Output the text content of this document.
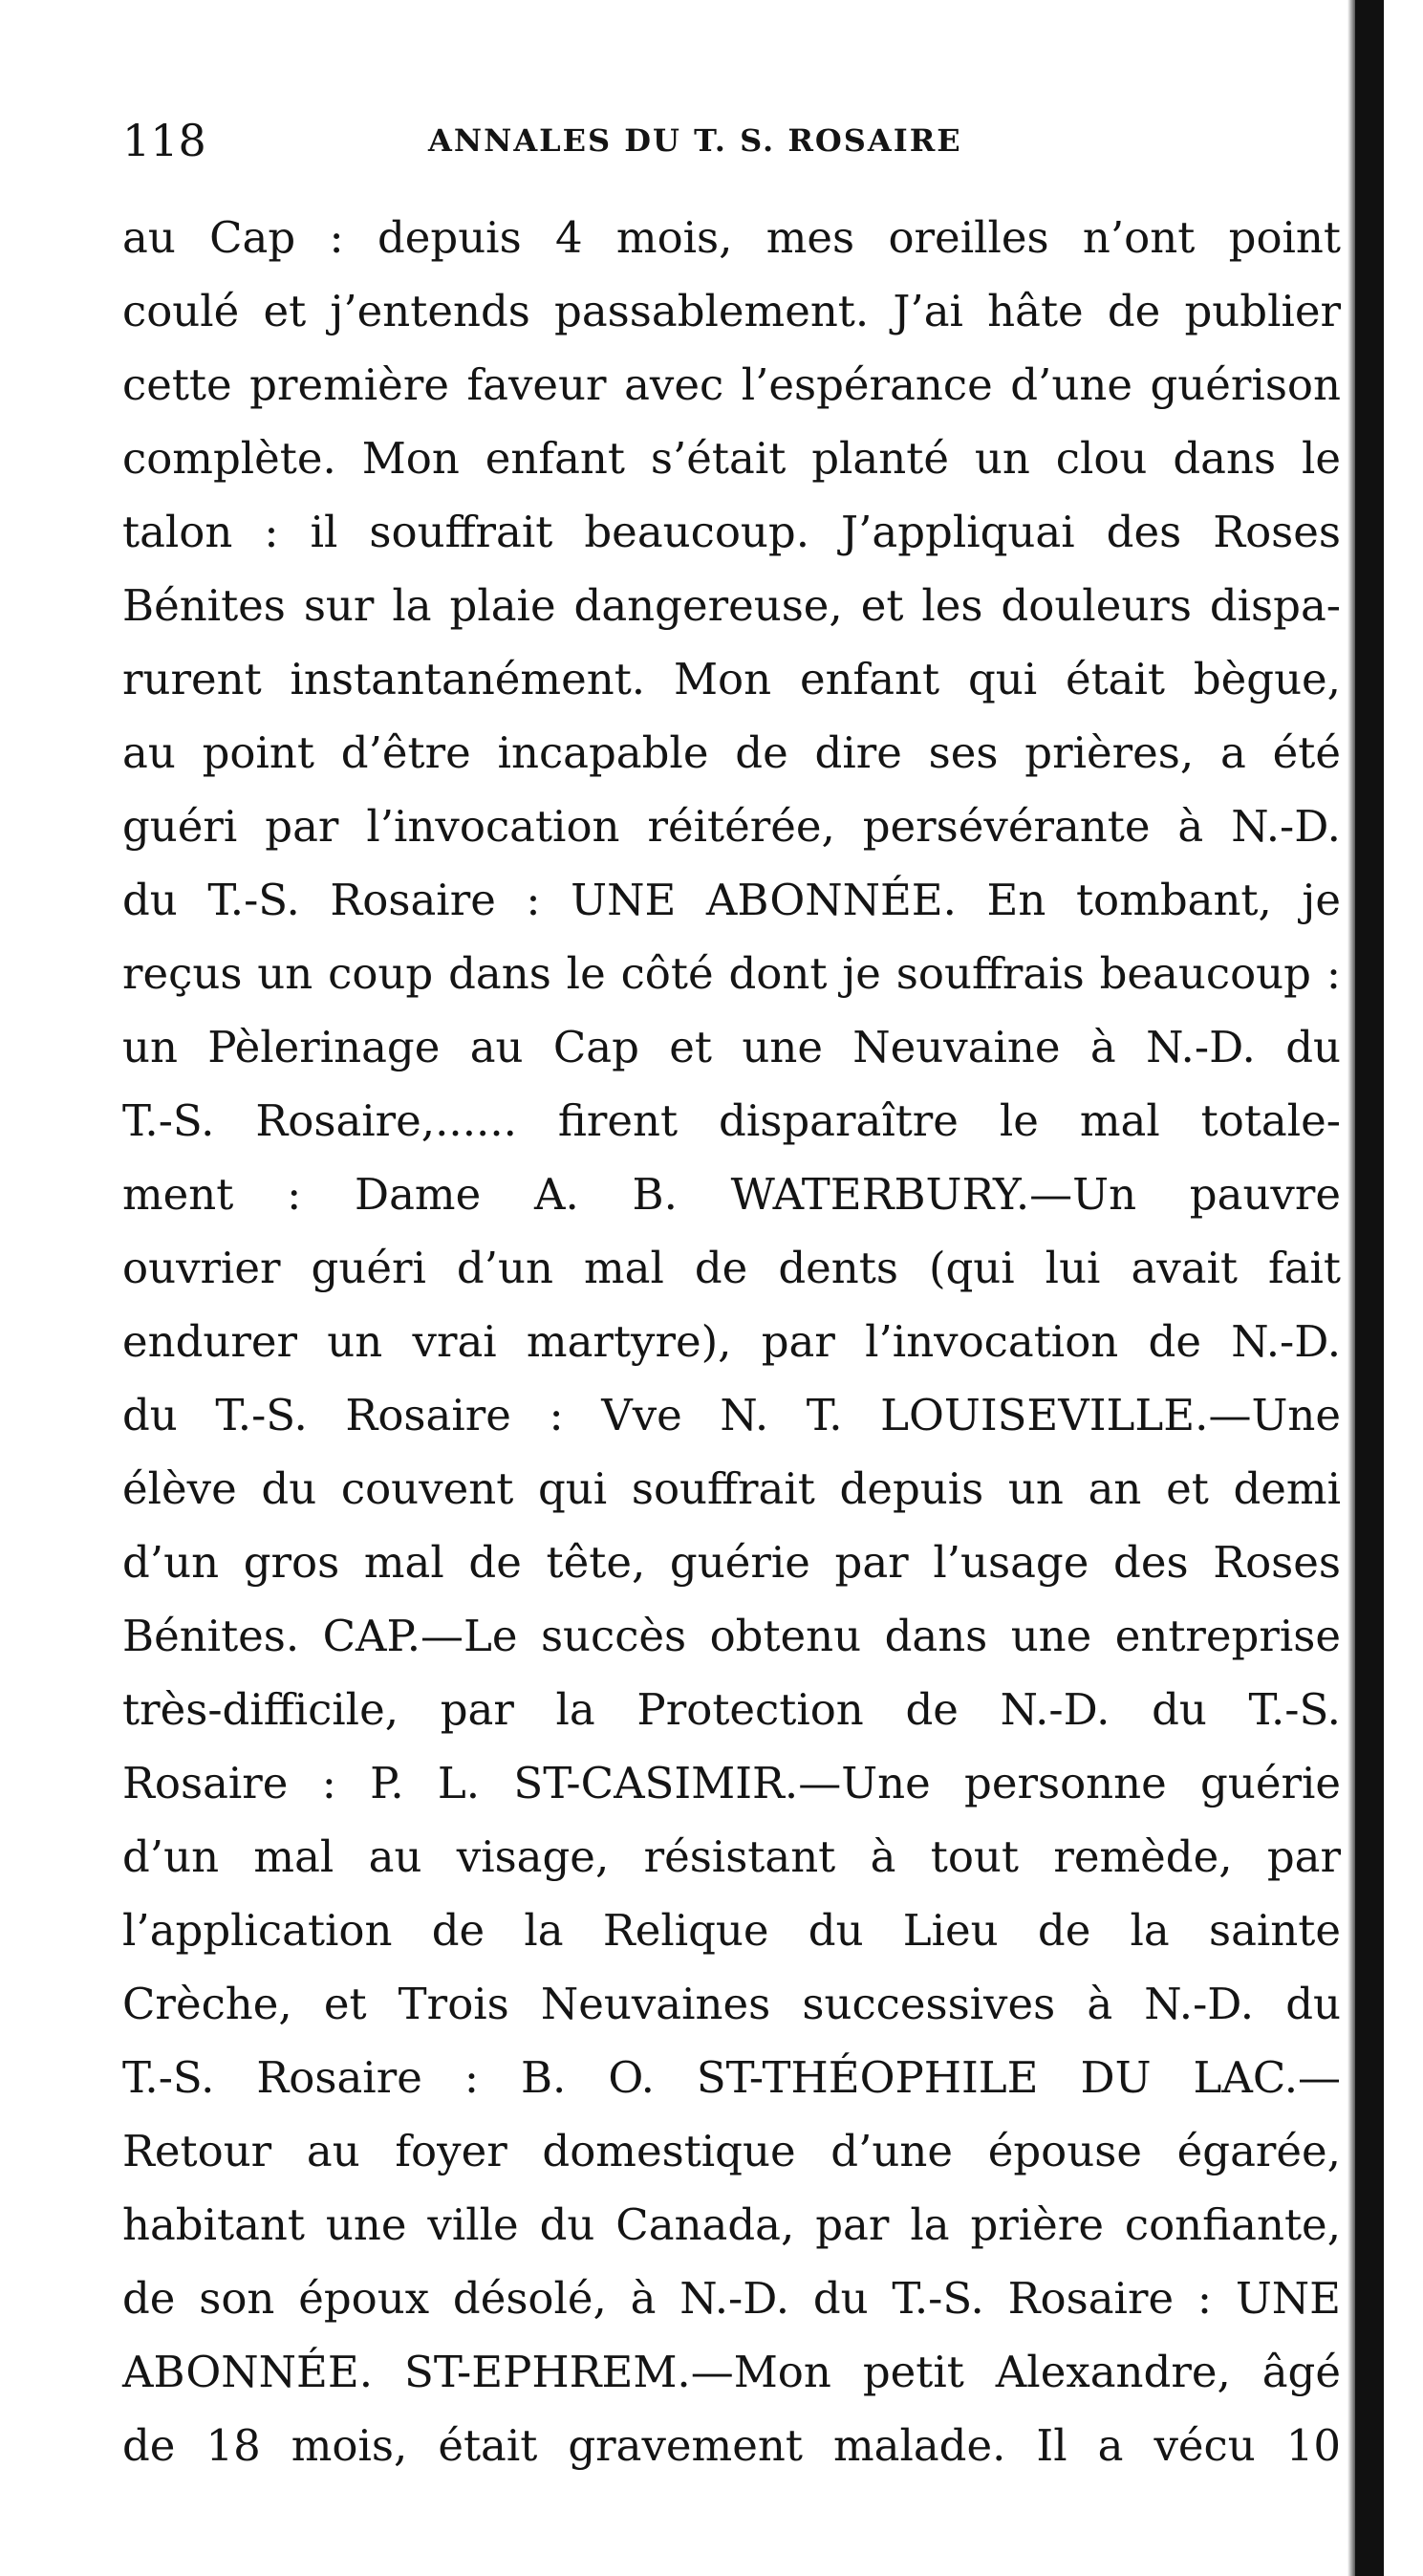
118	ANNALES DU T. S. ROSAIRE
au Cap : depuis 4 mois, mes oreilles n’ont point
coulé et j’entends passablement. J’ai hâte de publier
cette première faveur avec l’espérance d’une guérison
complète. Mon enfant s’était planté un clou dans le
talon : il souffrait beaucoup. J’appliquai des Roses
Bénites sur la plaie dangereuse, et les douleurs dispa-
rurent instantanément. Mon enfant qui était bègue,
au point d’être incapable de dire ses prières, a été
guéri par l’invocation réitérée, persévérante à N.-D.
du T.-S. Rosaire : UNE ABONNÉE. En tombant, je
reçus un coup dans le côté dont je souffrais beaucoup :
un Pèlerinage au Cap et une Neuvaine à N.-D. du
T.-S. Rosaire,...... firent disparaître le mal totale-
ment : Dame A. B. WATERBURY.—Un pauvre
ouvrier guéri d’un mal de dents (qui lui avait fait
endurer un vrai martyre), par l’invocation de N.-D.
du T.-S. Rosaire : Vve N. T. LOUISEVILLE.—Une
élève du couvent qui souffrait depuis un an et demi
d’un gros mal de tête, guérie par l’usage des Roses
Bénites. CAP.—Le succès obtenu dans une entreprise
très-difficile, par la Protection de N.-D. du T.-S.
Rosaire : P. L. ST-CASIMIR.—Une personne guérie
d’un mal au visage, résistant à tout remède, par
l’application de la Relique du Lieu de la sainte
Crèche, et Trois Neuvaines successives à N.-D. du
T.-S. Rosaire : B. O. ST-THÉOPHILE DU LAC.—
Retour au foyer domestique d’une épouse égarée,
habitant une ville du Canada, par la prière confiante,
de son époux désolé, à N.-D. du T.-S. Rosaire : UNE
ABONNÉE. ST-EPHREM.—Mon petit Alexandre, âgé
de 18 mois, était gravement malade. Il a vécu 10
